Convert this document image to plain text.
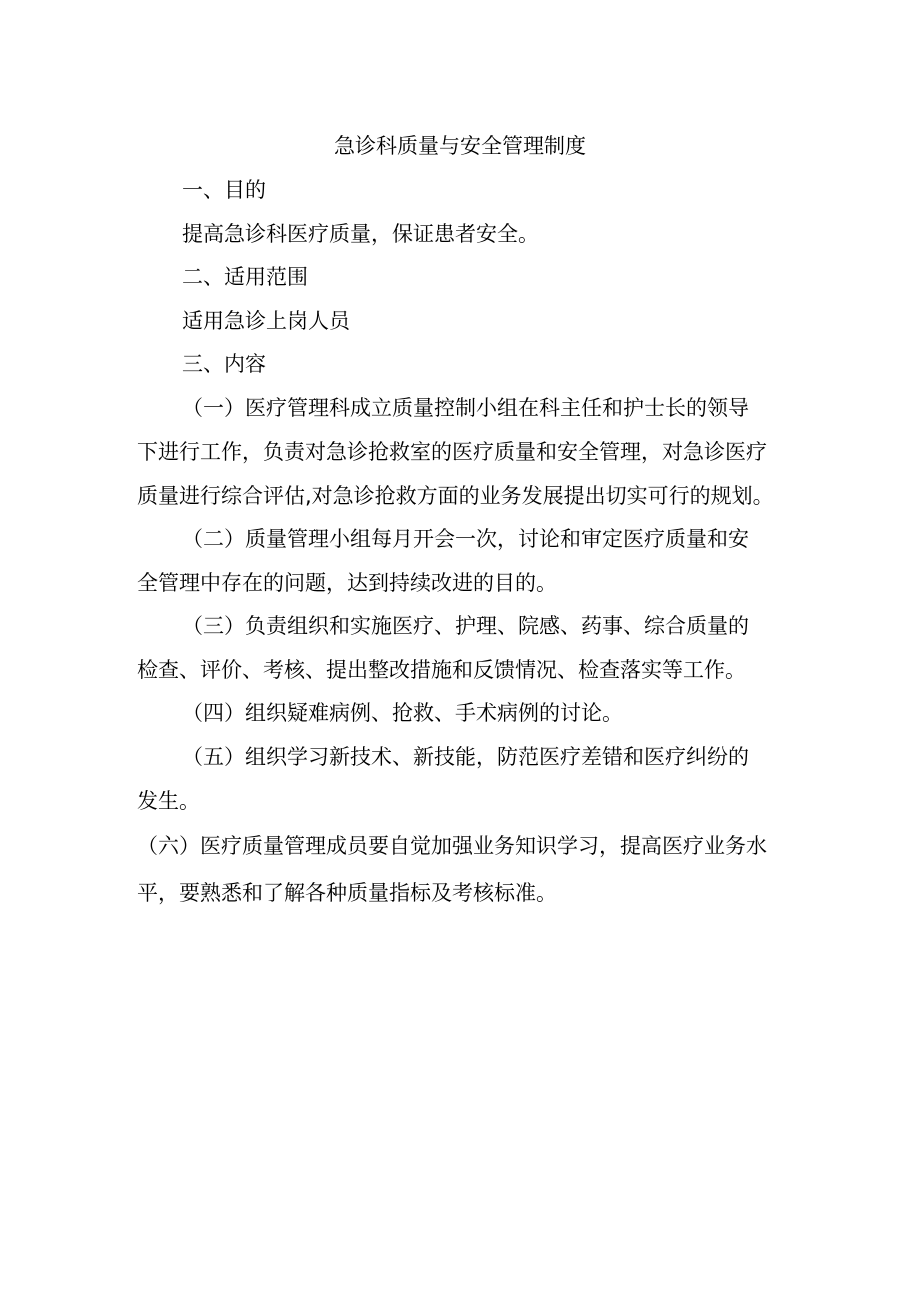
急诊科质量与安全管理制度

一、目的

提高急诊科医疗质量，保证患者安全。

二、适用范围

适用急诊上岗人员

三、内容

（一）医疗管理科成立质量控制小组在科主任和护士长的领导

下进行工作，负责对急诊抢救室的医疗质量和安全管理，对急诊医疗

质量进行综合评估,对急诊抢救方面的业务发展提出切实可行的规划。

（二）质量管理小组每月开会一次，讨论和审定医疗质量和安

全管理中存在的问题，达到持续改进的目的。

（三）负责组织和实施医疗、护理、院感、药事、综合质量的

检查、评价、考核、提出整改措施和反馈情况、检查落实等工作。

（四）组织疑难病例、抢救、手术病例的讨论。

（五）组织学习新技术、新技能，防范医疗差错和医疗纠纷的

发生。

（六）医疗质量管理成员要自觉加强业务知识学习，提高医疗业务水

平，要熟悉和了解各种质量指标及考核标准。
